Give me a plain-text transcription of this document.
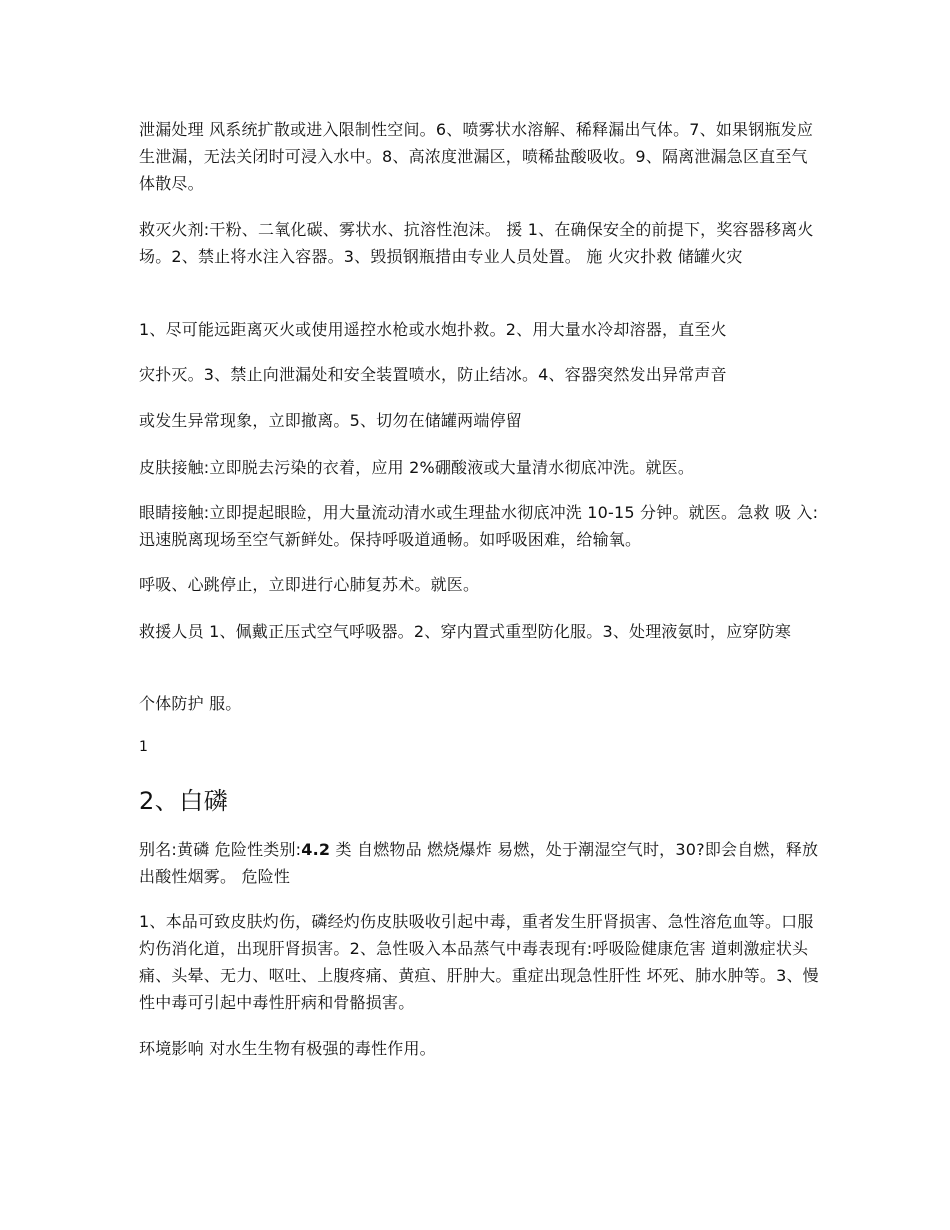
泄漏处理 风系统扩散或进入限制性空间。6、喷雾状水溶解、稀释漏出气体。7、如果钢瓶发应生泄漏，无法关闭时可浸入水中。8、高浓度泄漏区，喷稀盐酸吸收。9、隔离泄漏急区直至气体散尽。

救灭火剂:干粉、二氧化碳、雾状水、抗溶性泡沫。 援 1、在确保安全的前提下，奖容器移离火场。2、禁止将水注入容器。3、毁损钢瓶措由专业人员处置。 施 火灾扑救 储罐火灾

1、尽可能远距离灭火或使用遥控水枪或水炮扑救。2、用大量水冷却溶器，直至火

灾扑灭。3、禁止向泄漏处和安全装置喷水，防止结冰。4、容器突然发出异常声音

或发生异常现象，立即撤离。5、切勿在储罐两端停留

皮肤接触:立即脱去污染的衣着，应用 2%硼酸液或大量清水彻底冲洗。就医。

眼睛接触:立即提起眼睑，用大量流动清水或生理盐水彻底冲洗 10-15 分钟。就医。急救 吸 入:迅速脱离现场至空气新鲜处。保持呼吸道通畅。如呼吸困难，给输氧。

呼吸、心跳停止，立即进行心肺复苏术。就医。

救援人员 1、佩戴正压式空气呼吸器。2、穿内置式重型防化服。3、处理液氨时，应穿防寒

个体防护 服。

1

2、白磷

别名:黄磷 危险性类别:4.2 类 自燃物品 燃烧爆炸 易燃，处于潮湿空气时，30?即会自燃，释放出酸性烟雾。 危险性

1、本品可致皮肤灼伤，磷经灼伤皮肤吸收引起中毒，重者发生肝肾损害、急性溶危血等。口服灼伤消化道，出现肝肾损害。2、急性吸入本品蒸气中毒表现有:呼吸险健康危害 道刺激症状头痛、头晕、无力、呕吐、上腹疼痛、黄疸、肝肿大。重症出现急性肝性 坏死、肺水肿等。3、慢性中毒可引起中毒性肝病和骨骼损害。

环境影响 对水生生物有极强的毒性作用。
